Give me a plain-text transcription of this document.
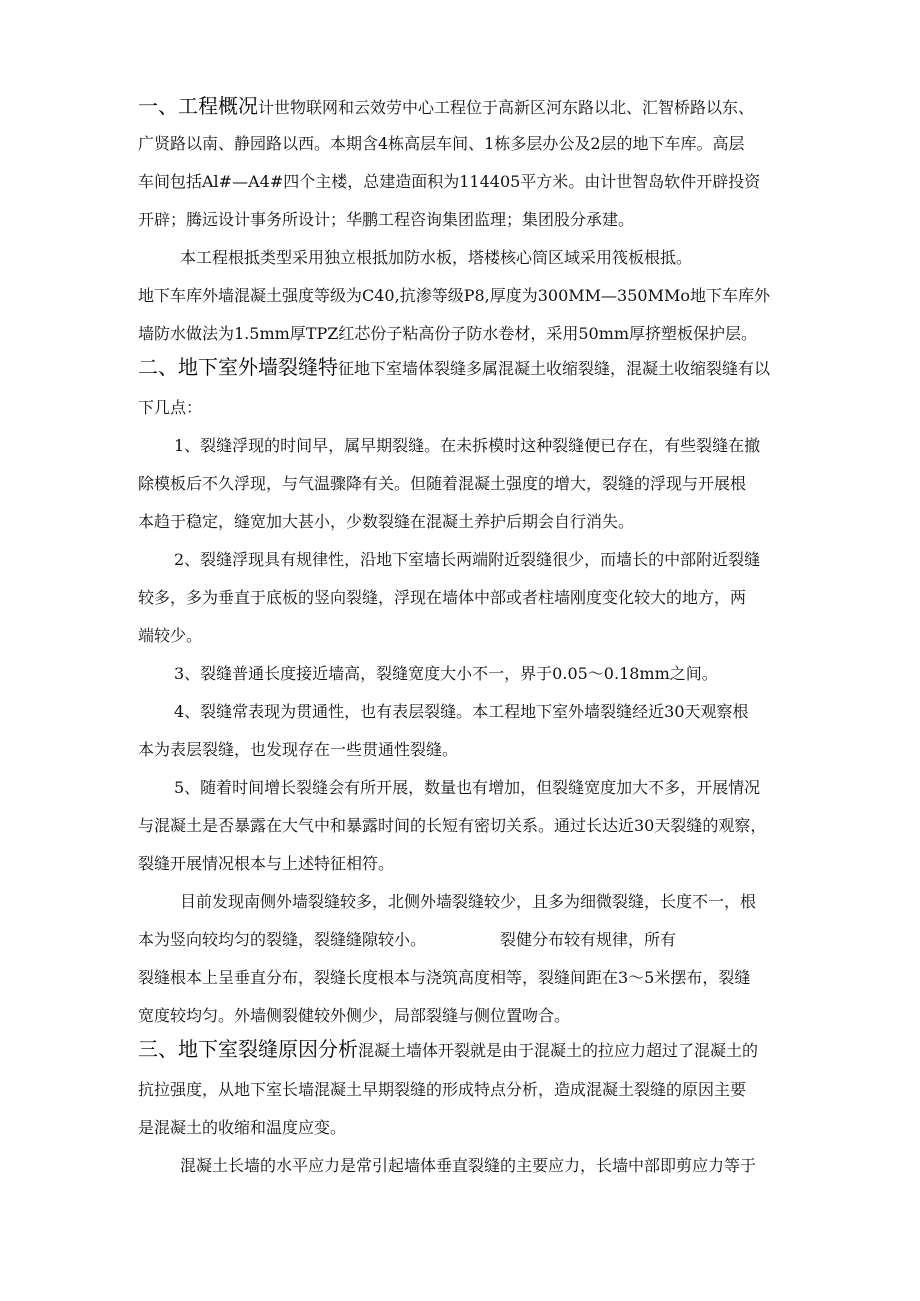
一、工程概况计世物联网和云效劳中心工程位于高新区河东路以北、汇智桥路以东、
广贤路以南、静园路以西。本期含4栋高层车间、1栋多层办公及2层的地下车库。高层
车间包括Al#—A4#四个主楼，总建造面积为114405平方米。由计世智岛软件开辟投资
开辟；腾远设计事务所设计；华鹏工程咨询集团监理；集团股分承建。
本工程根抵类型采用独立根抵加防水板，塔楼核心筒区域采用筏板根抵。
地下车库外墙混凝土强度等级为C40,抗渗等级P8,厚度为300MM—350MMo地下车库外
墙防水做法为1.5mm厚TPZ红芯份子粘高份子防水卷材，采用50mm厚挤塑板保护层。
二、地下室外墙裂缝特征地下室墙体裂缝多属混凝土收缩裂缝，混凝土收缩裂缝有以
下几点：
1、裂缝浮现的时间早，属早期裂缝。在未拆模时这种裂缝便已存在，有些裂缝在撤
除模板后不久浮现，与气温骤降有关。但随着混凝土强度的增大，裂缝的浮现与开展根
本趋于稳定，缝宽加大甚小，少数裂缝在混凝土养护后期会自行消失。
2、裂缝浮现具有规律性，沿地下室墙长两端附近裂缝很少，而墙长的中部附近裂缝
较多，多为垂直于底板的竖向裂缝，浮现在墙体中部或者柱墙刚度变化较大的地方，两
端较少。
3、裂缝普通长度接近墙高，裂缝宽度大小不一，界于0.05～0.18mm之间。
4、裂缝常表现为贯通性，也有表层裂缝。本工程地下室外墙裂缝经近30天观察根
本为表层裂缝，也发现存在一些贯通性裂缝。
5、随着时间增长裂缝会有所开展，数量也有增加，但裂缝宽度加大不多，开展情况
与混凝土是否暴露在大气中和暴露时间的长短有密切关系。通过长达近30天裂缝的观察，
裂缝开展情况根本与上述特征相符。
目前发现南侧外墙裂缝较多，北侧外墙裂缝较少，且多为细微裂缝，长度不一，根
本为竖向较均匀的裂缝，裂缝缝隙较小。	裂健分布较有规律，所有
裂缝根本上呈垂直分布，裂缝长度根本与浇筑高度相等，裂缝间距在3～5米摆布，裂缝
宽度较均匀。外墙侧裂健较外侧少，局部裂缝与侧位置吻合。
三、地下室裂缝原因分析混凝土墙体开裂就是由于混凝土的拉应力超过了混凝土的
抗拉强度，从地下室长墙混凝土早期裂缝的形成特点分析，造成混凝土裂缝的原因主要
是混凝土的收缩和温度应变。
混凝土长墙的水平应力是常引起墙体垂直裂缝的主要应力，长墙中部即剪应力等于
